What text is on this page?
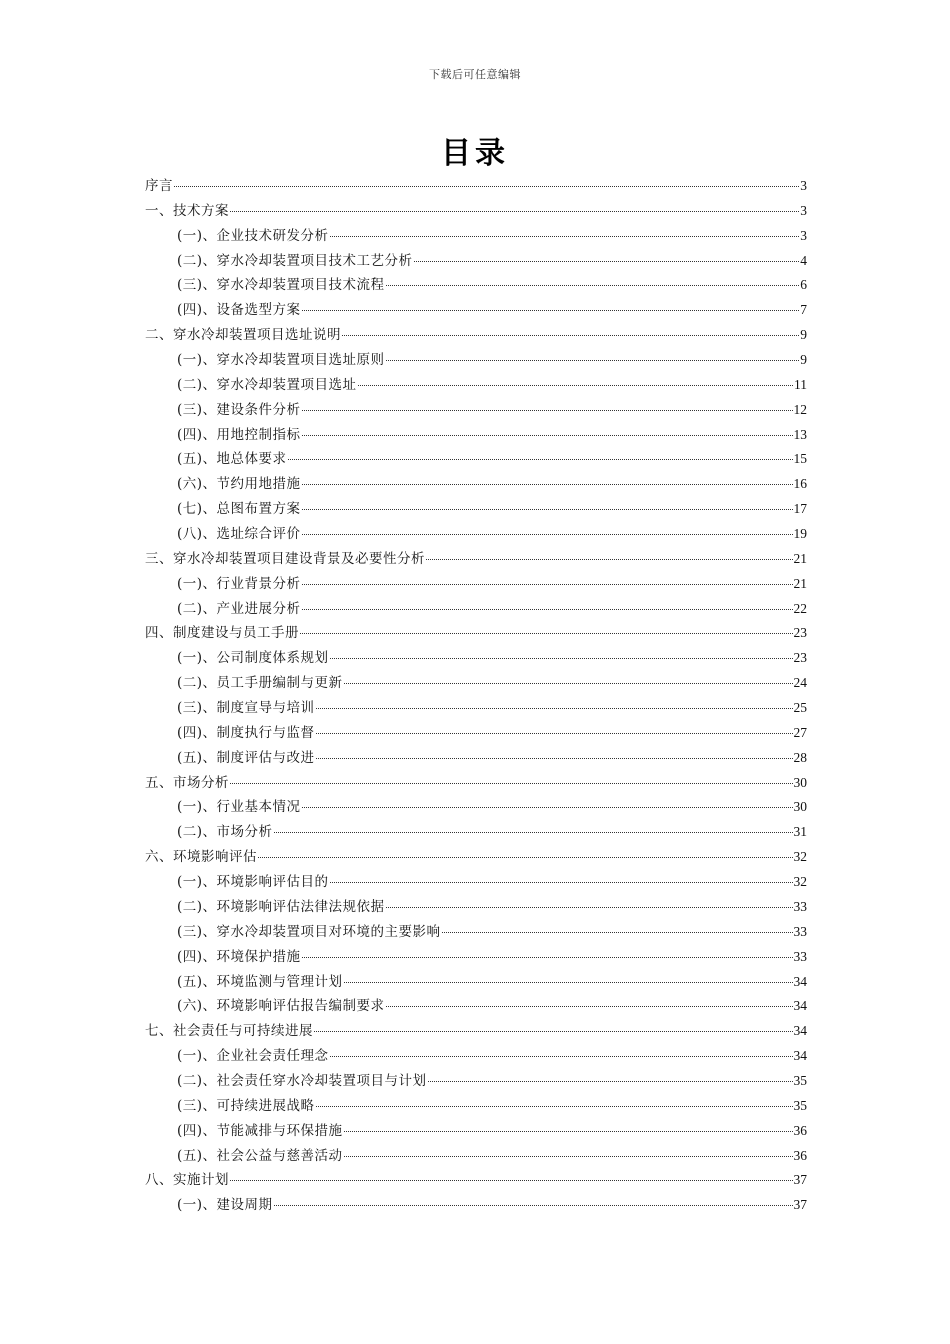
下载后可任意编辑
目录
序言	3
一、技术方案	3
(一)、企业技术研发分析	3
(二)、穿水冷却装置项目技术工艺分析	4
(三)、穿水冷却装置项目技术流程	6
(四)、设备选型方案	7
二、穿水冷却装置项目选址说明	9
(一)、穿水冷却装置项目选址原则	9
(二)、穿水冷却装置项目选址	11
(三)、建设条件分析	12
(四)、用地控制指标	13
(五)、地总体要求	15
(六)、节约用地措施	16
(七)、总图布置方案	17
(八)、选址综合评价	19
三、穿水冷却装置项目建设背景及必要性分析	21
(一)、行业背景分析	21
(二)、产业进展分析	22
四、制度建设与员工手册	23
(一)、公司制度体系规划	23
(二)、员工手册编制与更新	24
(三)、制度宣导与培训	25
(四)、制度执行与监督	27
(五)、制度评估与改进	28
五、市场分析	30
(一)、行业基本情况	30
(二)、市场分析	31
六、环境影响评估	32
(一)、环境影响评估目的	32
(二)、环境影响评估法律法规依据	33
(三)、穿水冷却装置项目对环境的主要影响	33
(四)、环境保护措施	33
(五)、环境监测与管理计划	34
(六)、环境影响评估报告编制要求	34
七、社会责任与可持续进展	34
(一)、企业社会责任理念	34
(二)、社会责任穿水冷却装置项目与计划	35
(三)、可持续进展战略	35
(四)、节能减排与环保措施	36
(五)、社会公益与慈善活动	36
八、实施计划	37
(一)、建设周期	37
